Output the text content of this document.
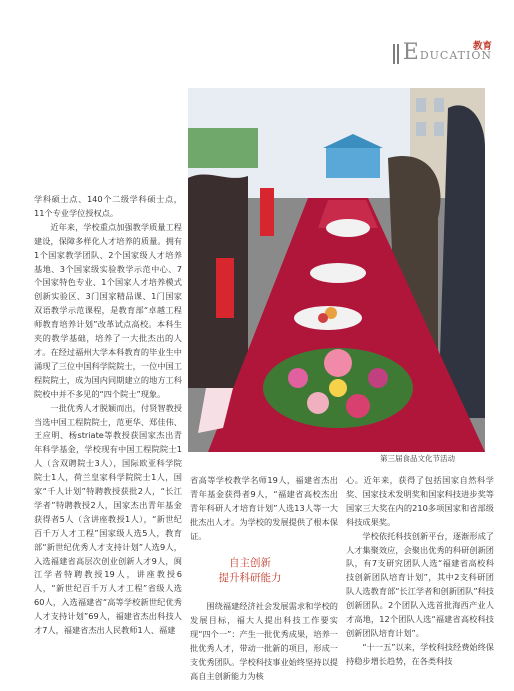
E DUCATION
教育
第三届食品文化节活动

学科硕士点、140个二级学科硕士点，11个专业学位授权点。

近年来，学校重点加强教学质量工程建设，保障多样化人才培养的质量。拥有1个国家教学团队、2个国家级人才培养基地、3个国家级实验教学示范中心、7个国家特色专业、1个国家人才培养模式创新实验区、3门国家精品课、1门国家双语教学示范课程，是教育部“卓越工程师教育培养计划”改革试点高校。本科生夹的教学基础，培养了一大批杰出的人才。在经过福州大学本科教育的毕业生中涌现了三位中国科学院院士，一位中国工程院院士，成为国内同期建立的地方工科院校中并不多见的“四个院士”现象。

一批优秀人才脱颖而出，付贤智教授当选中国工程院院士，范更华、郑佳伟、王应明、杨striate等教授获国家杰出青年科学基金，学校现有中国工程院院士1人（含双聘院士3人），国际欧亚科学院院士1人，荷兰皇家科学院院士1人，国家“千人计划”特聘教授获批2人，“长江学者”特聘教授2人，国家杰出青年基金获得者5人（含讲座教授1人），“新世纪百千万人才工程”国家级人选5人，教育部“新世纪优秀人才支持计划”人选9人，入选福建省高层次创业创新人才9人，闽江学者特聘教授19人，讲座教授6人，“新世纪百千万人才工程”省级人选60人，入选福建省“高等学校新世纪优秀人才支持计划”69人，福建省杰出科技人才7人，福建省杰出人民教师1人、福建

省高等学校教学名师19人，福建省杰出青年基金获得者9人，“福建省高校杰出青年科研人才培育计划”人选13人等一大批杰出人才。为学校的发展提供了根本保证。

自主创新
提升科研能力

围绕福建经济社会发展需求和学校的发展目标，福大人提出科技工作要实现“四个一”：产生一批优秀成果，培养一批优秀人才，带动一批新的项目，形成一支优秀团队。学校科技事业始终坚持以提高自主创新能力为核

心。近年来，获得了包括国家自然科学奖、国家技术发明奖和国家科技进步奖等国家三大奖在内的210多项国家和省部级科技成果奖。

学校依托科技创新平台，逐渐形成了人才集聚效应，会聚出优秀的科研创新团队，有7支研究团队人选“福建省高校科技创新团队培育计划”，其中2支科研团队人选教育部“长江学者和创新团队”科技创新团队。2个团队入选首批海西产业人才高地，12个团队人选“福建省高校科技创新团队培育计划”。

“十一五”以来，学校科技经费始终保持稳步增长趋势，在各类科技
